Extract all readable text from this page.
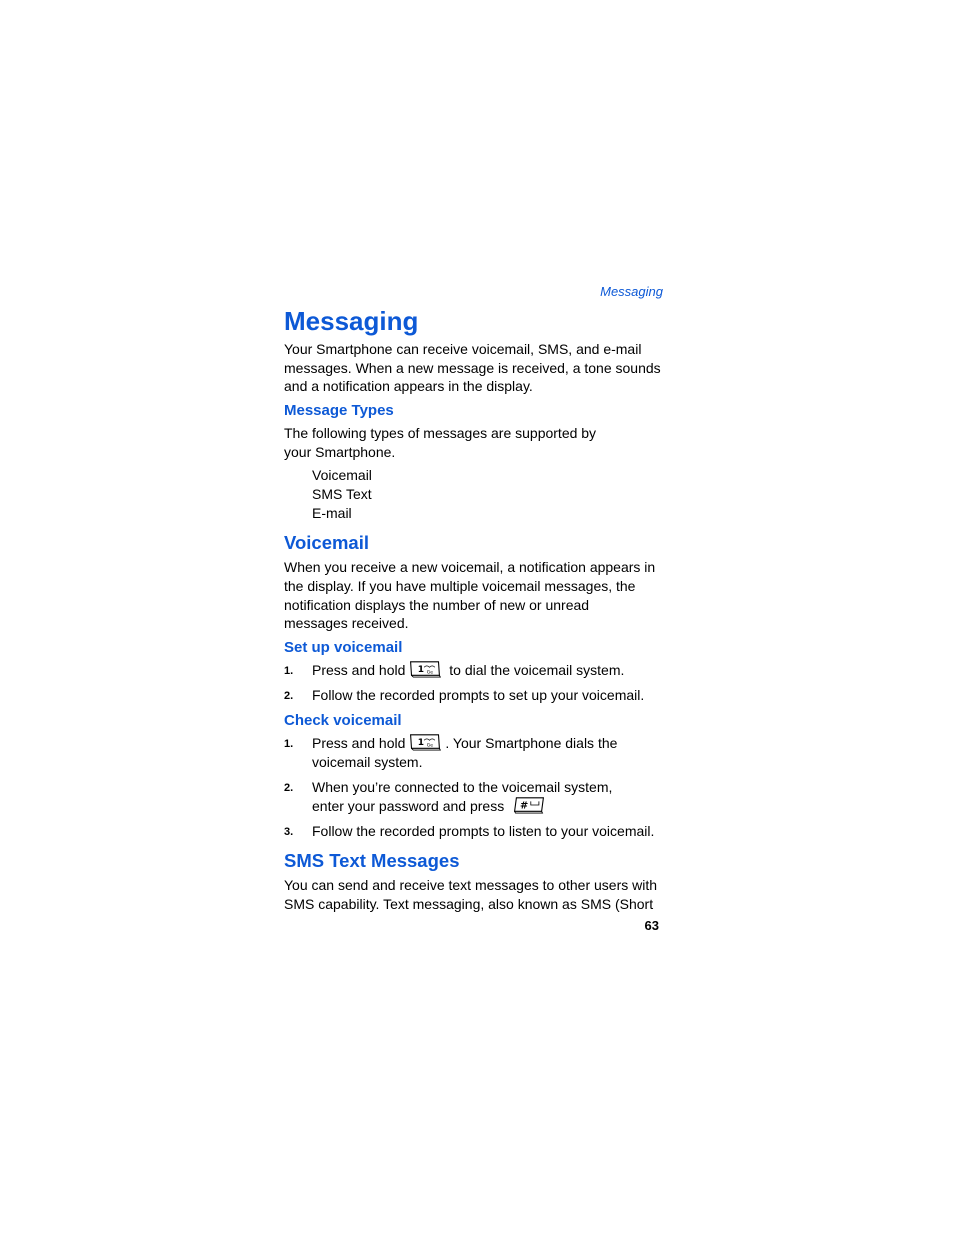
Messaging
Messaging

Your Smartphone can receive voicemail, SMS, and e-mail

messages. When a new message is received, a tone sounds

and a notification appears in the display.

Message Types

The following types of messages are supported by

your Smartphone.

Voicemail

SMS Text

E-mail

Voicemail

When you receive a new voicemail, a notification appears in

the display. If you have multiple voicemail messages, the

notification displays the number of new or unread

messages received.

Set up voicemail
1. Press and hold 1 Ge to dial the voicemail system.
2. Follow the recorded prompts to set up your voicemail.
Check voicemail
1. Press and hold 1 Ge . Your Smartphone dials the
voicemail system.
2. When you’re connected to the voicemail system,
enter your password and press #
3. Follow the recorded prompts to listen to your voicemail.
SMS Text Messages

You can send and receive text messages to other users with

SMS capability. Text messaging, also known as SMS (Short

63
